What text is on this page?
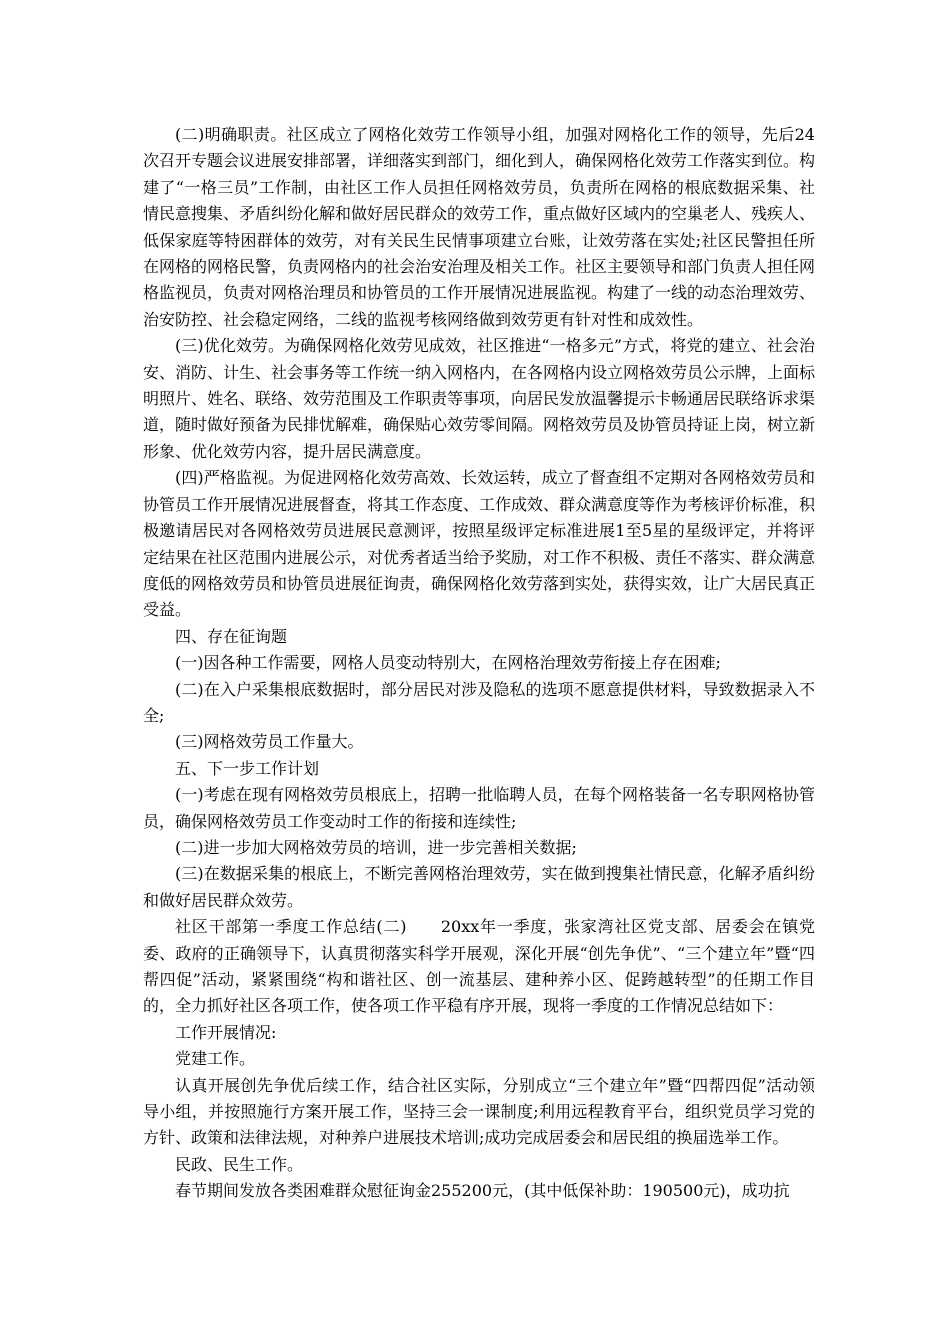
(二)明确职责。社区成立了网格化效劳工作领导小组，加强对网格化工作的领导，先后24次召开专题会议进展安排部署，详细落实到部门，细化到人，确保网格化效劳工作落实到位。构建了“一格三员”工作制，由社区工作人员担任网格效劳员，负责所在网格的根底数据采集、社情民意搜集、矛盾纠纷化解和做好居民群众的效劳工作，重点做好区域内的空巢老人、残疾人、低保家庭等特困群体的效劳，对有关民生民情事项建立台账，让效劳落在实处;社区民警担任所在网格的网格民警，负责网格内的社会治安治理及相关工作。社区主要领导和部门负责人担任网格监视员，负责对网格治理员和协管员的工作开展情况进展监视。构建了一线的动态治理效劳、治安防控、社会稳定网络，二线的监视考核网络做到效劳更有针对性和成效性。

(三)优化效劳。为确保网格化效劳见成效，社区推进“一格多元”方式，将党的建立、社会治安、消防、计生、社会事务等工作统一纳入网格内，在各网格内设立网格效劳员公示牌，上面标明照片、姓名、联络、效劳范围及工作职责等事项，向居民发放温馨提示卡畅通居民联络诉求渠道，随时做好预备为民排忧解难，确保贴心效劳零间隔。网格效劳员及协管员持证上岗，树立新形象、优化效劳内容，提升居民满意度。

(四)严格监视。为促进网格化效劳高效、长效运转，成立了督查组不定期对各网格效劳员和协管员工作开展情况进展督查，将其工作态度、工作成效、群众满意度等作为考核评价标准，积极邀请居民对各网格效劳员进展民意测评，按照星级评定标准进展1至5星的星级评定，并将评定结果在社区范围内进展公示，对优秀者适当给予奖励，对工作不积极、责任不落实、群众满意度低的网格效劳员和协管员进展征询责，确保网格化效劳落到实处，获得实效，让广大居民真正受益。

四、存在征询题

(一)因各种工作需要，网格人员变动特别大，在网格治理效劳衔接上存在困难;

(二)在入户采集根底数据时，部分居民对涉及隐私的选项不愿意提供材料，导致数据录入不全;

(三)网格效劳员工作量大。

五、下一步工作计划

(一)考虑在现有网格效劳员根底上，招聘一批临聘人员，在每个网格装备一名专职网格协管员，确保网格效劳员工作变动时工作的衔接和连续性;

(二)进一步加大网格效劳员的培训，进一步完善相关数据;

(三)在数据采集的根底上，不断完善网格治理效劳，实在做到搜集社情民意，化解矛盾纠纷和做好居民群众效劳。

社区干部第一季度工作总结(二)　　20xx年一季度，张家湾社区党支部、居委会在镇党委、政府的正确领导下，认真贯彻落实科学开展观，深化开展“创先争优”、“三个建立年”暨“四帮四促”活动，紧紧围绕“构和谐社区、创一流基层、建种养小区、促跨越转型”的任期工作目的，全力抓好社区各项工作，使各项工作平稳有序开展，现将一季度的工作情况总结如下：

工作开展情况:

党建工作。

认真开展创先争优后续工作，结合社区实际，分别成立“三个建立年”暨“四帮四促”活动领导小组，并按照施行方案开展工作，坚持三会一课制度;利用远程教育平台，组织党员学习党的方针、政策和法律法规，对种养户进展技术培训;成功完成居委会和居民组的换届选举工作。

民政、民生工作。

春节期间发放各类困难群众慰征询金255200元，(其中低保补助：190500元)，成功抗
